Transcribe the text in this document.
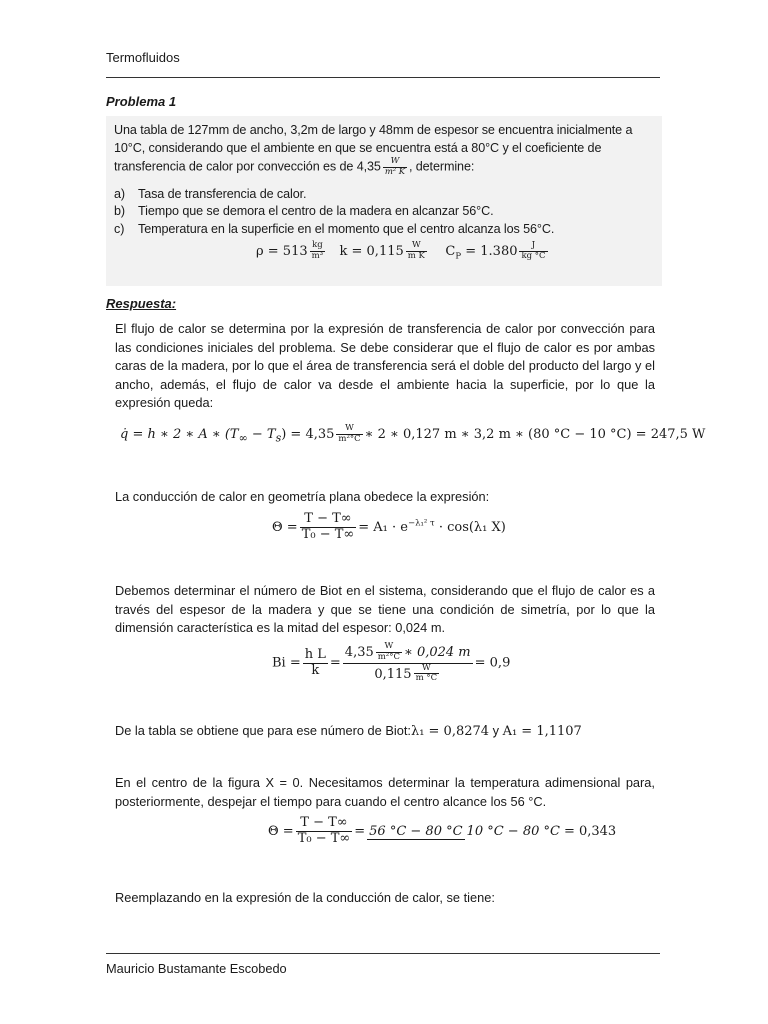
Termofluidos
Problema 1
Una tabla de 127mm de ancho, 3,2m de largo y 48mm de espesor se encuentra inicialmente a 10°C, considerando que el ambiente en que se encuentra está a 80°C y el coeficiente de transferencia de calor por convección es de $4,35 \frac{W}{\text{m² K}}$ , determine:
a)	Tasa de transferencia de calor.
b)	Tiempo que se demora el centro de la madera en alcanzar 56°C.
c)	Temperatura en la superficie en el momento que el centro alcanza los 56°C.
$\rho = 513 \frac{kg}{\text{m³}}$ $k = 0,115 \frac{W}{\text{m K}} C_P = 1.380 \frac{J}{kg ^\circ C}$
Respuesta:
El flujo de calor se determina por la expresión de transferencia de calor por convección para las condiciones iniciales del problema. Se debe considerar que el flujo de calor es por ambas caras de la madera, por lo que el área de transferencia será el doble del producto del largo y el ancho, además, el flujo de calor va desde el ambiente hacia la superficie, por lo que la expresión queda:
q̇ = h ∗ 2 ∗ A ∗ $(T_\infty - T_s) = 4,35 \frac{W}{\text{m²°C}}$ ∗ 2 ∗ 0,127 m ∗ 3,2 m ∗ (80 °C − 10 °C) = 247,5 W
La conducción de calor en geometría plana obedece la expresión:
$\Theta = \frac{T - T\infty}{\text{T₀ − T∞}} = A_1 \cdot e^{-\lambda_1^2 \tau} \cdot \cos(\lambda_1$ X)
Debemos determinar el número de Biot en el sistema, considerando que el flujo de calor es a través del espesor de la madera y que se tiene una condición de simetría, por lo que la dimensión característica es la mitad del espesor: 0,024 m.
$Bi = \frac{\text{h L}}{k} = \frac{4,35 \frac{W}{\text{m²°C}} ∗ 0,024 m}{0,115 \frac{W}{m ^\circ C}} = 0,9$
De la tabla se obtiene que para ese número de Biot:λ₁ = 0,8274 y A₁ = 1,1107
En el centro de la figura X = 0. Necesitamos determinar la temperatura adimensional para, posteriormente, despejar el tiempo para cuando el centro alcance los 56 °C.
$\Theta = \frac{T - T\infty}{\text{T₀ − T∞}} = 56$ °C − 80 °C 10 °C − 80 °C = 0,343
Reemplazando en la expresión de la conducción de calor, se tiene:
Mauricio Bustamante Escobedo
